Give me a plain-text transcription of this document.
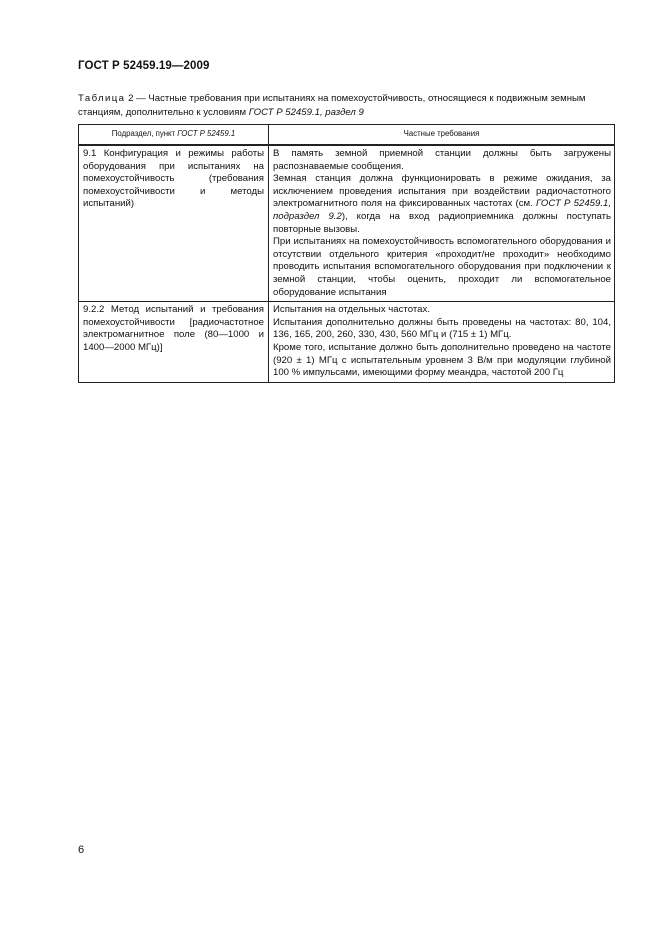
ГОСТ Р 52459.19—2009
Таблица 2 — Частные требования при испытаниях на помехоустойчивость, относящиеся к подвижным земным станциям, дополнительно к условиям ГОСТ Р 52459.1, раздел 9
Подраздел, пункт ГОСТ Р 52459.1	Частные требования
9.1 Конфигурация и режимы работы оборудования при испытаниях на помехоустойчивость (требования помехоустойчивости и методы испытаний)	В память земной приемной станции должны быть загружены распознаваемые сообщения.

Земная станция должна функционировать в режиме ожидания, за исключением проведения испытания при воздействии радиочастотного электромагнитного поля на фиксированных частотах (см. ГОСТ Р 52459.1, подраздел 9.2), когда на вход радиоприемника должны поступать повторные вызовы.

При испытаниях на помехоустойчивость вспомогательного оборудования и отсутствии отдельного критерия «проходит/не проходит» необходимо проводить испытания вспомогательного оборудования при подключении к земной станции, чтобы оценить, проходит ли вспомогательное оборудование испытания

9.2.2 Метод испытаний и требования помехоустойчивости [радиочастотное электромагнитное поле (80—1000 и 1400—2000 МГц)]	Испытания на отдельных частотах.

Испытания дополнительно должны быть проведены на частотах: 80, 104, 136, 165, 200, 260, 330, 430, 560 МГц и (715 ± 1) МГц.

Кроме того, испытание должно быть дополнительно проведено на частоте (920 ± 1) МГц с испытательным уровнем 3 В/м при модуляции глубиной 100 % импульсами, имеющими форму меандра, частотой 200 Гц

6
